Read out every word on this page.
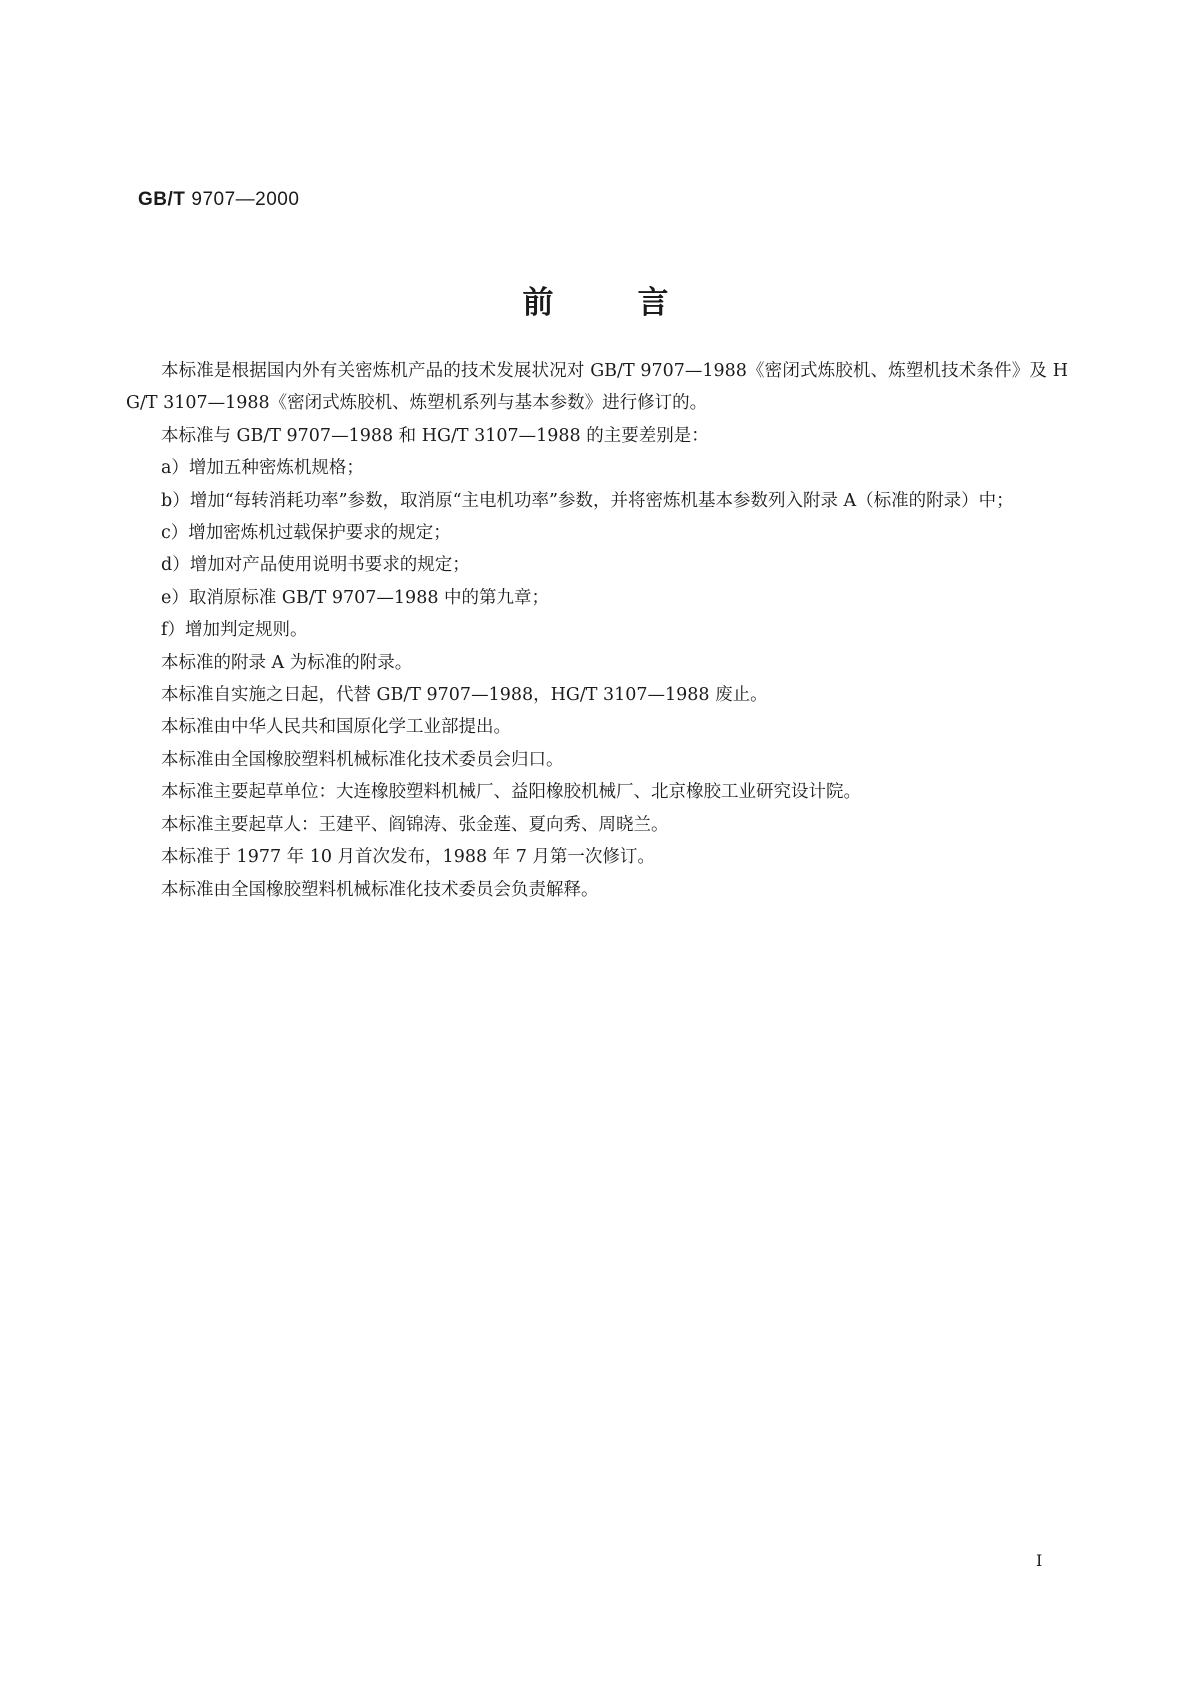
GB/T 9707—2000
前言

本标准是根据国内外有关密炼机产品的技术发展状况对 GB/T 9707—1988《密闭式炼胶机、炼塑机技术条件》及 HG/T 3107—1988《密闭式炼胶机、炼塑机系列与基本参数》进行修订的。

本标准与 GB/T 9707—1988 和 HG/T 3107—1988 的主要差别是：

a）增加五种密炼机规格；

b）增加“每转消耗功率”参数，取消原“主电机功率”参数，并将密炼机基本参数列入附录 A（标准的附录）中；

c）增加密炼机过载保护要求的规定；

d）增加对产品使用说明书要求的规定；

e）取消原标准 GB/T 9707—1988 中的第九章；

f）增加判定规则。

本标准的附录 A 为标准的附录。

本标准自实施之日起，代替 GB/T 9707—1988，HG/T 3107—1988 废止。

本标准由中华人民共和国原化学工业部提出。

本标准由全国橡胶塑料机械标准化技术委员会归口。

本标准主要起草单位：大连橡胶塑料机械厂、益阳橡胶机械厂、北京橡胶工业研究设计院。

本标准主要起草人：王建平、阎锦涛、张金莲、夏向秀、周晓兰。

本标准于 1977 年 10 月首次发布，1988 年 7 月第一次修订。

本标准由全国橡胶塑料机械标准化技术委员会负责解释。

I
